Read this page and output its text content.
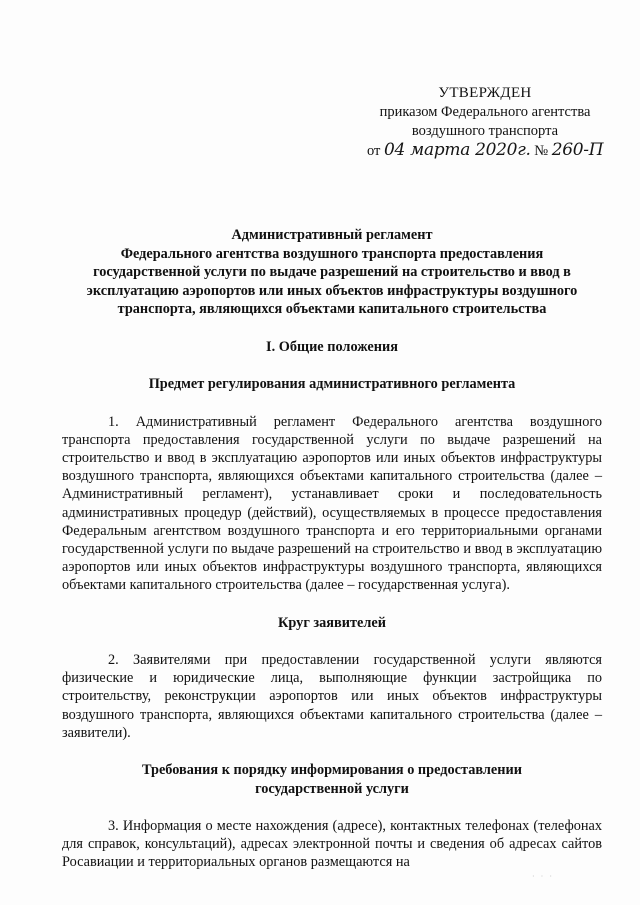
УТВЕРЖДЕН
приказом Федерального агентства
воздушного транспорта
от 04 марта 2020г. № 260-П
Административный регламент
Федерального агентства воздушного транспорта предоставления
государственной услуги по выдаче разрешений на строительство и ввод в
эксплуатацию аэропортов или иных объектов инфраструктуры воздушного
транспорта, являющихся объектами капитального строительства
I. Общие положения
Предмет регулирования административного регламента

1. Административный регламент Федерального агентства воздушного транспорта предоставления государственной услуги по выдаче разрешений на строительство и ввод в эксплуатацию аэропортов или иных объектов инфраструктуры воздушного транспорта, являющихся объектами капитального строительства (далее – Административный регламент), устанавливает сроки и последовательность административных процедур (действий), осуществляемых в процессе предоставления Федеральным агентством воздушного транспорта и его территориальными органами государственной услуги по выдаче разрешений на строительство и ввод в эксплуатацию аэропортов или иных объектов инфраструктуры воздушного транспорта, являющихся объектами капитального строительства (далее – государственная услуга).

Круг заявителей

2. Заявителями при предоставлении государственной услуги являются физические и юридические лица, выполняющие функции застройщика по строительству, реконструкции аэропортов или иных объектов инфраструктуры воздушного транспорта, являющихся объектами капитального строительства (далее – заявители).

Требования к порядку информирования о предоставлении
государственной услуги

3. Информация о месте нахождения (адресе), контактных телефонах (телефонах для справок, консультаций), адресах электронной почты и сведения об адресах сайтов Росавиации и территориальных органов размещаются на

· · ·
